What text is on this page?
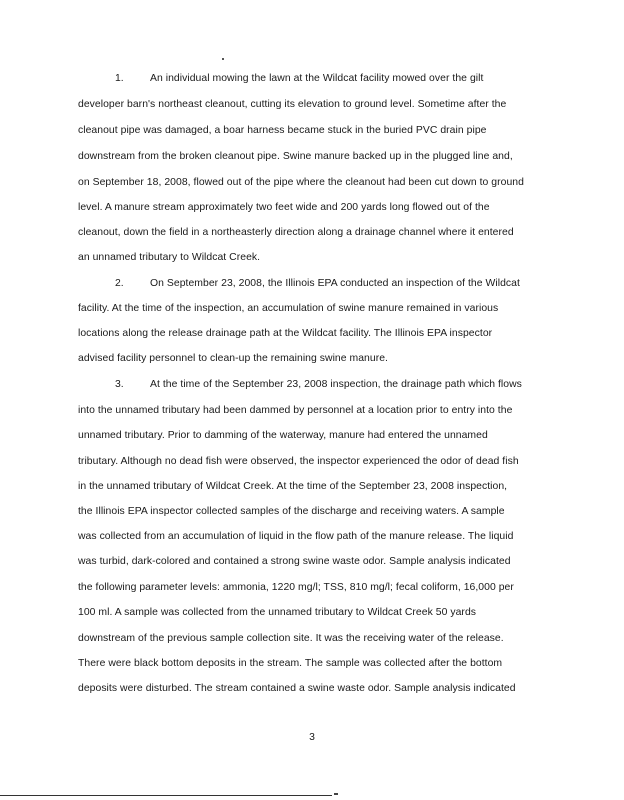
1.	An individual mowing the lawn at the Wildcat facility mowed over the gilt
developer barn's northeast cleanout, cutting its elevation to ground level. Sometime after the
cleanout pipe was damaged, a boar harness became stuck in the buried PVC drain pipe
downstream from the broken cleanout pipe. Swine manure backed up in the plugged line and,
on September 18, 2008, flowed out of the pipe where the cleanout had been cut down to ground
level. A manure stream approximately two feet wide and 200 yards long flowed out of the
cleanout, down the field in a northeasterly direction along a drainage channel where it entered
an unnamed tributary to Wildcat Creek.
2.	On September 23, 2008, the Illinois EPA conducted an inspection of the Wildcat
facility. At the time of the inspection, an accumulation of swine manure remained in various
locations along the release drainage path at the Wildcat facility. The Illinois EPA inspector
advised facility personnel to clean-up the remaining swine manure.
3.	At the time of the September 23, 2008 inspection, the drainage path which flows
into the unnamed tributary had been dammed by personnel at a location prior to entry into the
unnamed tributary. Prior to damming of the waterway, manure had entered the unnamed
tributary. Although no dead fish were observed, the inspector experienced the odor of dead fish
in the unnamed tributary of Wildcat Creek. At the time of the September 23, 2008 inspection,
the Illinois EPA inspector collected samples of the discharge and receiving waters. A sample
was collected from an accumulation of liquid in the flow path of the manure release. The liquid
was turbid, dark-colored and contained a strong swine waste odor. Sample analysis indicated
the following parameter levels: ammonia, 1220 mg/l; TSS, 810 mg/l; fecal coliform, 16,000 per
100 ml. A sample was collected from the unnamed tributary to Wildcat Creek 50 yards
downstream of the previous sample collection site. It was the receiving water of the release.
There were black bottom deposits in the stream. The sample was collected after the bottom
deposits were disturbed. The stream contained a swine waste odor. Sample analysis indicated
3
